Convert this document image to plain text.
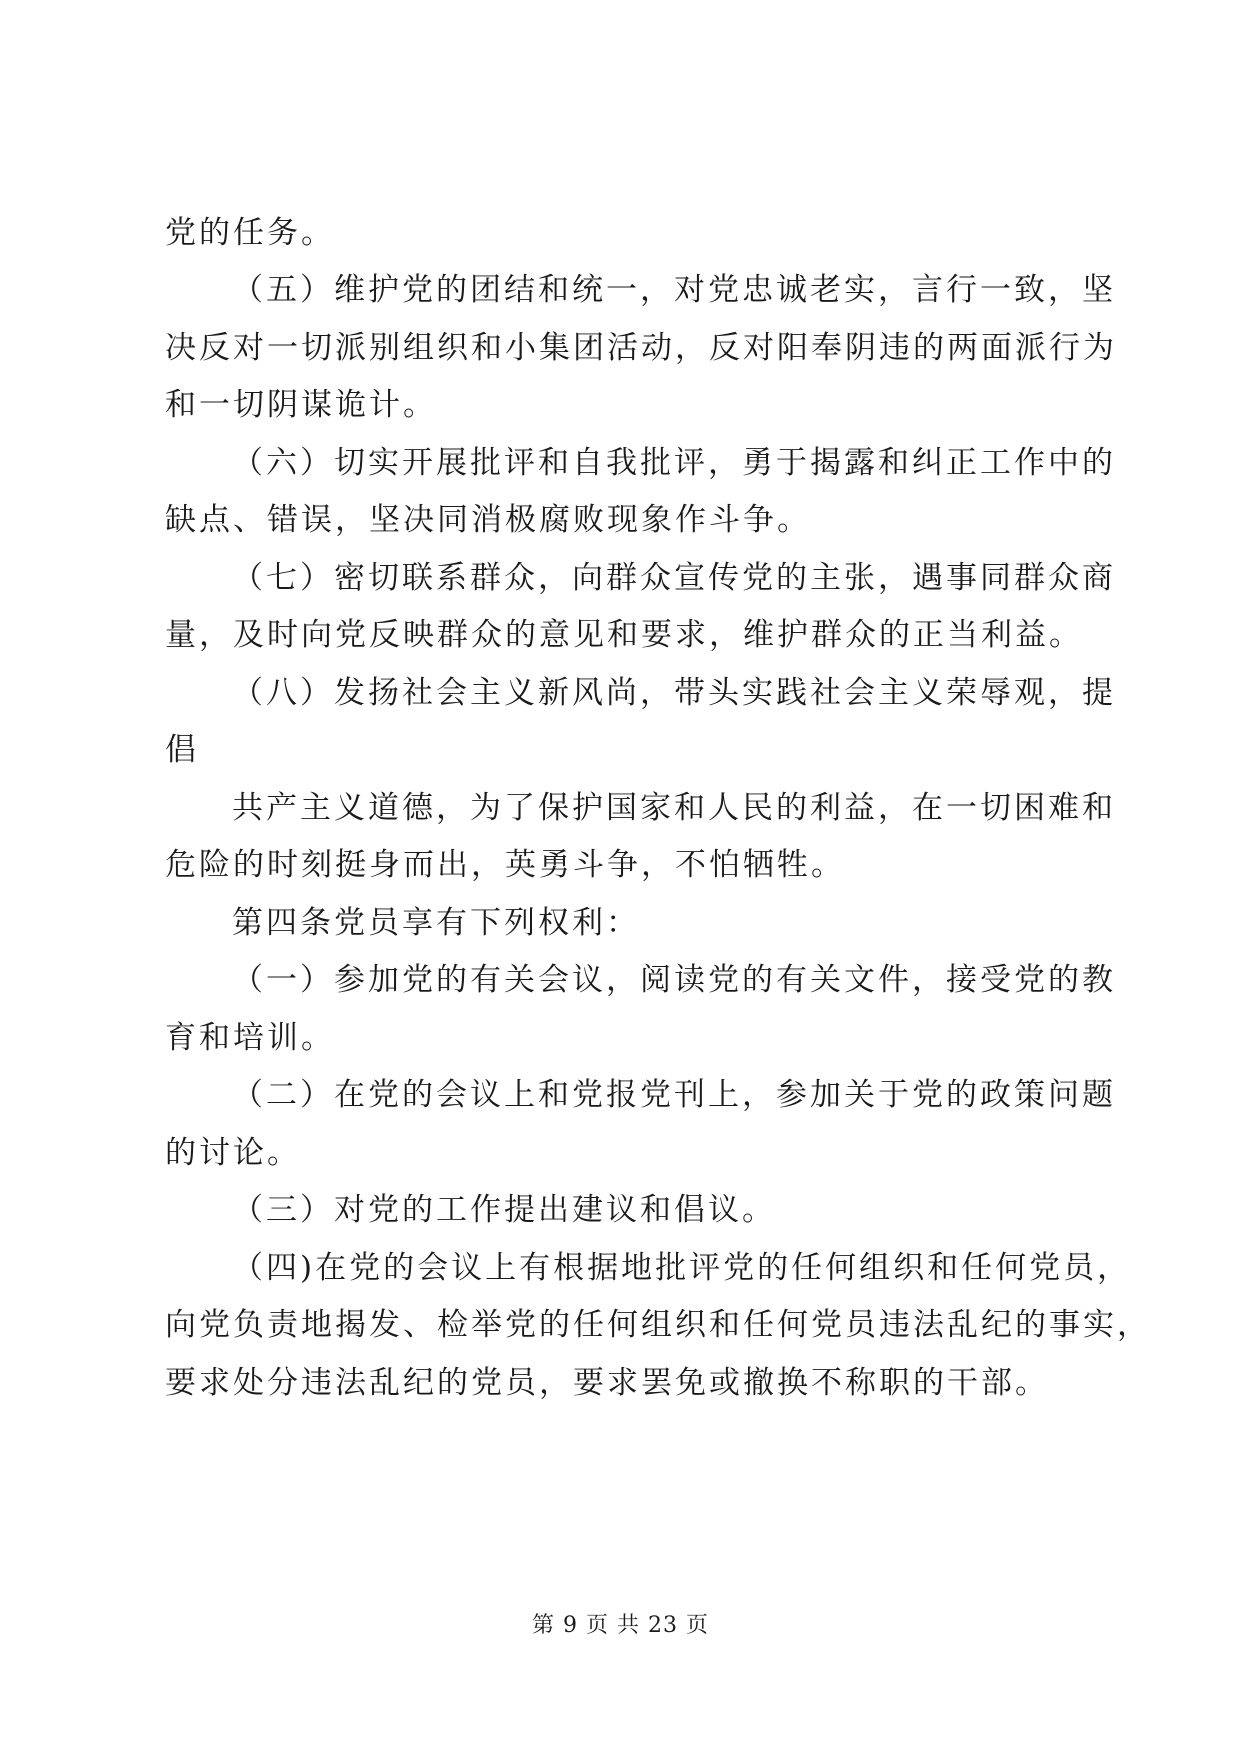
党的任务。
（五）维护党的团结和统一，对党忠诚老实，言行一致，坚
决反对一切派别组织和小集团活动，反对阳奉阴违的两面派行为
和一切阴谋诡计。
（六）切实开展批评和自我批评，勇于揭露和纠正工作中的
缺点、错误，坚决同消极腐败现象作斗争。
（七）密切联系群众，向群众宣传党的主张，遇事同群众商
量，及时向党反映群众的意见和要求，维护群众的正当利益。
（八）发扬社会主义新风尚，带头实践社会主义荣辱观，提
倡
共产主义道德，为了保护国家和人民的利益，在一切困难和
危险的时刻挺身而出，英勇斗争，不怕牺牲。
第四条党员享有下列权利：
（一）参加党的有关会议，阅读党的有关文件，接受党的教
育和培训。
（二）在党的会议上和党报党刊上，参加关于党的政策问题
的讨论。
（三）对党的工作提出建议和倡议。
（四)在党的会议上有根据地批评党的任何组织和任何党员，
向党负责地揭发、检举党的任何组织和任何党员违法乱纪的事实，
要求处分违法乱纪的党员，要求罢免或撤换不称职的干部。
第 9 页 共 23 页
